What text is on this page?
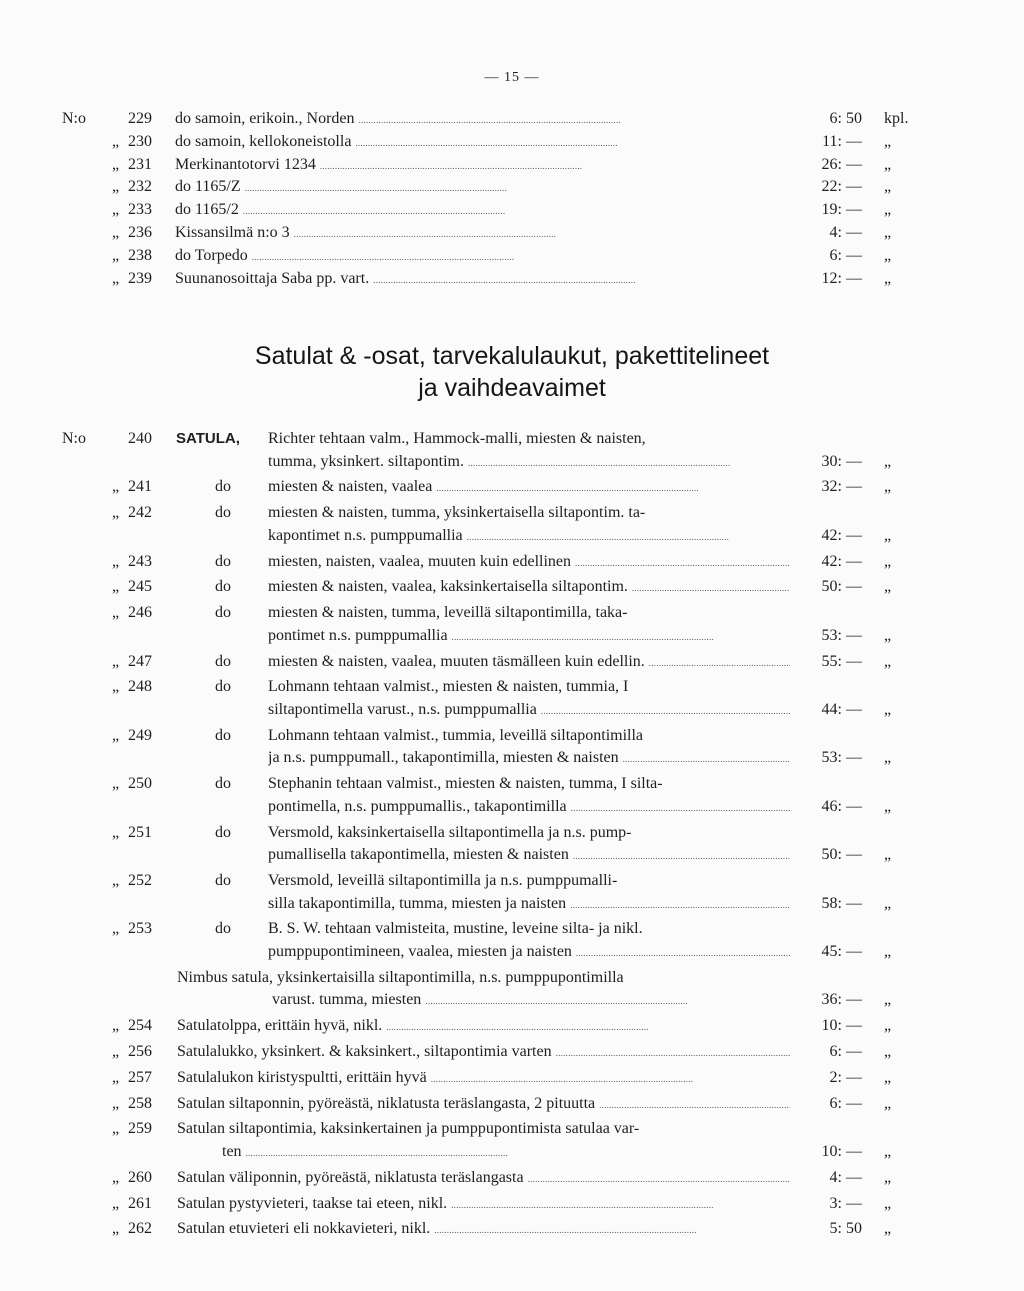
— 15 —
N:o	229 do samoin, erikoin., Norden . . .	6: 50 kpl.
„ 230 do samoin, kellokoneistolla . . .	11: — „
„ 231 Merkinantotorvi 1234 . . .	26: — „
„ 232 do 1165/Z . . .	22: — „
„ 233 do 1165/2 . . .	19: — „
„ 236 Kissansilmä n:o 3 . . .	4: — „
„ 238 do Torpedo . . .	6: — „
„ 239 Suunanosoittaja Saba pp. vart. . . .	12: — „
Satulat & -osat, tarvekalulaukut, pakettitelineet
ja vaihdeavaimet
N:o	240 SATULA, Richter tehtaan valm., Hammock-malli, miesten & naisten,
tumma, yksinkert. siltapontim. . . .	30: — „
„ 241	do miesten & naisten, vaalea . . .	32: — „
„ 242	do miesten & naisten, tumma, yksinkertaisella siltapontim. ta-
kapontimet n.s. pumppumallia . . .	42: — „
„ 243	do miesten, naisten, vaalea, muuten kuin edellinen . . .	42: — „
„ 245	do miesten & naisten, vaalea, kaksinkertaisella siltapontim. . . .	50: — „
„ 246	do miesten & naisten, tumma, leveillä siltapontimilla, taka-
pontimet n.s. pumppumallia . . .	53: — „
„ 247	do miesten & naisten, vaalea, muuten täsmälleen kuin edellin. . . .	55: — „
„ 248	do Lohmann tehtaan valmist., miesten & naisten, tummia, I
siltapontimella varust., n.s. pumppumallia . . .	44: — „
„ 249	do Lohmann tehtaan valmist., tummia, leveillä siltapontimilla
ja n.s. pumppumall., takapontimilla, miesten & naisten . . .	53: — „
„ 250	do Stephanin tehtaan valmist., miesten & naisten, tumma, I silta-
pontimella, n.s. pumppumallis., takapontimilla . . .	46: — „
„ 251	do Versmold, kaksinkertaisella siltapontimella ja n.s. pump-
pumallisella takapontimella, miesten & naisten . . .	50: — „
„ 252	do Versmold, leveillä siltapontimilla ja n.s. pumppumalli-
silla takapontimilla, tumma, miesten ja naisten . . .	58: — „
„ 253	do B. S. W. tehtaan valmisteita, mustine, leveine silta- ja nikl.
pumppupontimineen, vaalea, miesten ja naisten . . .	45: — „
Nimbus satula, yksinkertaisilla siltapontimilla, n.s. pumppupontimilla
varust. tumma, miesten . . .	36: — „
„ 254 Satulatolppa, erittäin hyvä, nikl. . . .	10: — „
„ 256 Satulalukko, yksinkert. & kaksinkert., siltapontimia varten . . .	6: — „
„ 257 Satulalukon kiristyspultti, erittäin hyvä . . .	2: — „
„ 258 Satulan siltaponnin, pyöreästä, niklatusta teräslangasta, 2 pituutta . . .	6: — „
„ 259 Satulan siltapontimia, kaksinkertainen ja pumppupontimista satulaa var-
ten . . .	10: — „
„ 260 Satulan väliponnin, pyöreästä, niklatusta teräslangasta . . .	4: — „
„ 261 Satulan pystyvieteri, taakse tai eteen, nikl. . . .	3: — „
„ 262 Satulan etuvieteri eli nokkavieteri, nikl. . . .	5: 50 „
